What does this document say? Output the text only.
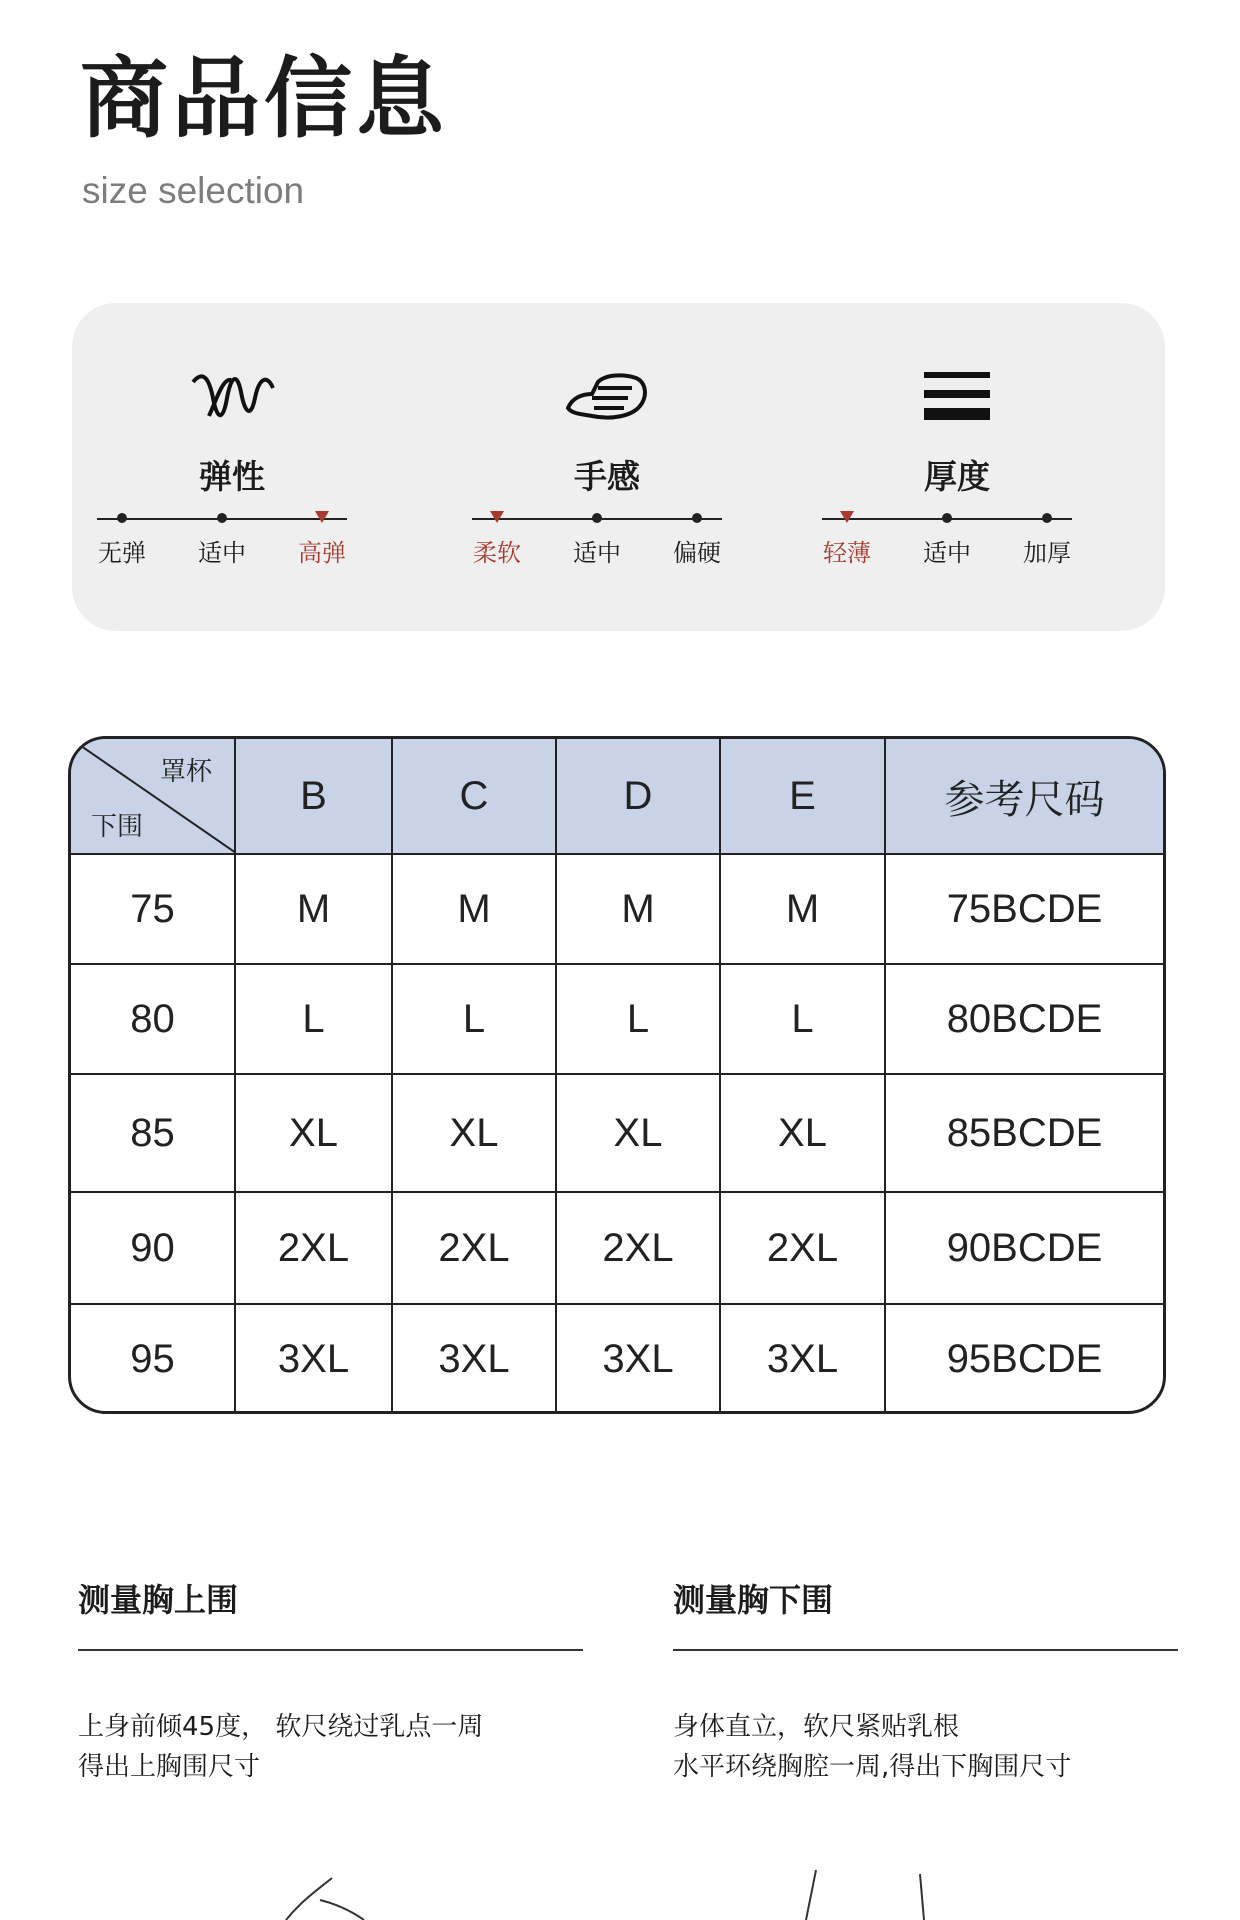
商品信息
size selection
弹性
无弹	适中	高弹
手感
柔软	适中	偏硬
厚度
轻薄	适中	加厚
罩杯
下围
B	C	D	E	参考尺码
75	M	M	M	M	75BCDE
80	L	L	L	L	80BCDE
85	XL	XL	XL	XL	85BCDE
90	2XL	2XL	2XL	2XL	90BCDE
95	3XL	3XL	3XL	3XL	95BCDE
测量胸上围
上身前倾45度， 软尺绕过乳点一周
得出上胸围尺寸
测量胸下围
身体直立，软尺紧贴乳根
水平环绕胸腔一周,得出下胸围尺寸
